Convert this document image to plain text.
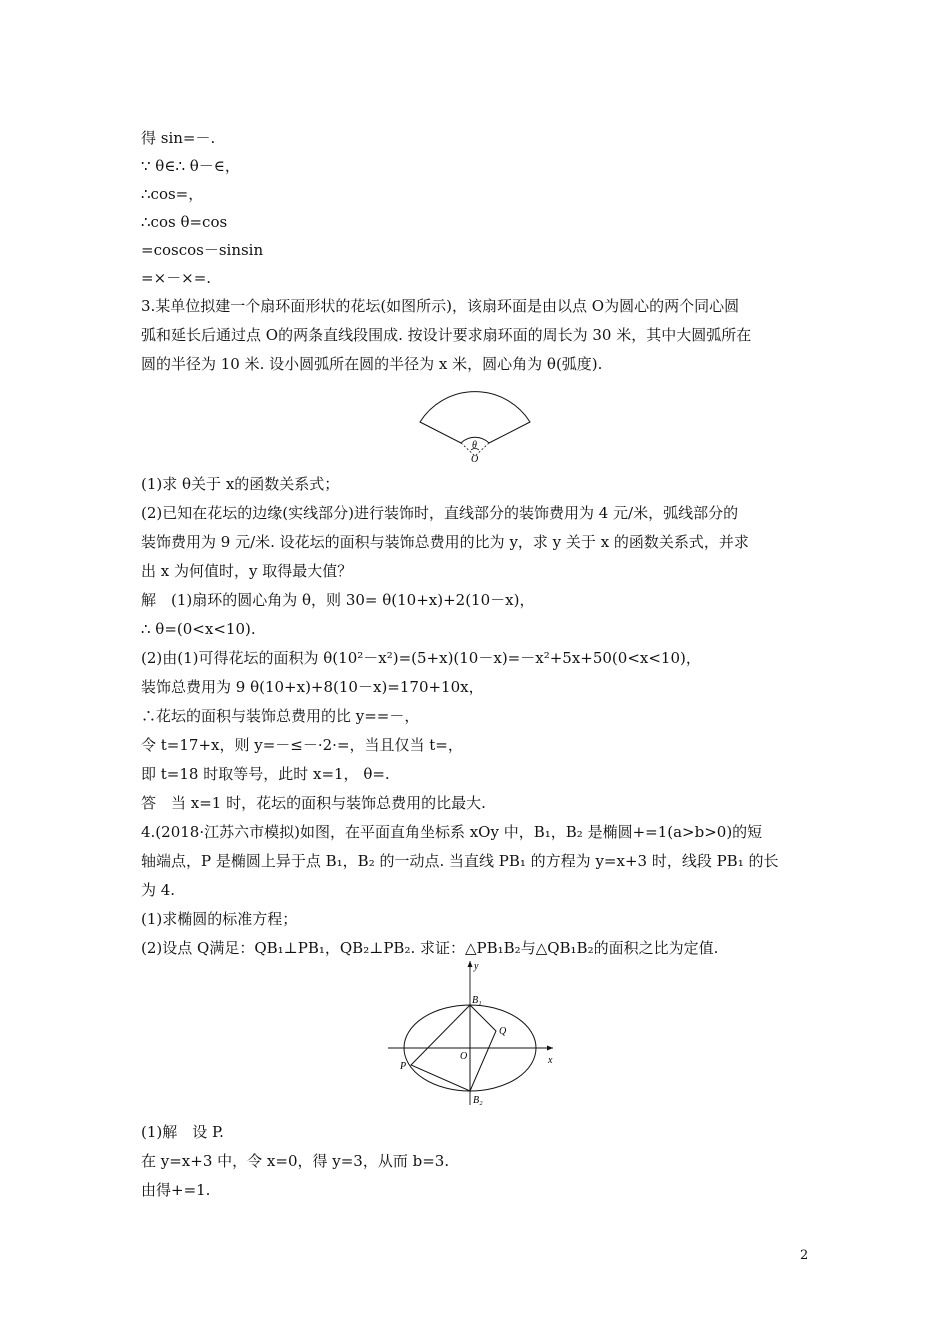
得 sin=－.
∵ θ∈∴ θ－∈，
∴cos=，
∴cos θ=cos
=coscos－sinsin
=×－×=.
3.某单位拟建一个扇环面形状的花坛(如图所示)，该扇环面是由以点 O为圆心的两个同心圆
弧和延长后通过点 O的两条直线段围成. 按设计要求扇环面的周长为 30 米，其中大圆弧所在
圆的半径为 10 米. 设小圆弧所在圆的半径为 x 米，圆心角为 θ(弧度).
θ
O
(1)求 θ关于 x的函数关系式；
(2)已知在花坛的边缘(实线部分)进行装饰时，直线部分的装饰费用为 4 元/米，弧线部分的
装饰费用为 9 元/米. 设花坛的面积与装饰总费用的比为 y，求 y 关于 x 的函数关系式，并求
出 x 为何值时，y 取得最大值？
解　(1)扇环的圆心角为 θ，则 30= θ(10+x)+2(10－x)，
∴ θ=(0<x<10).
(2)由(1)可得花坛的面积为 θ(10²－x²)=(5+x)(10－x)=－x²+5x+50(0<x<10)，
装饰总费用为 9 θ(10+x)+8(10－x)=170+10x，
∴花坛的面积与装饰总费用的比 y==－，
令 t=17+x，则 y=－≤－·2·=，当且仅当 t=，
即 t=18 时取等号，此时 x=1， θ=.
答　当 x=1 时，花坛的面积与装饰总费用的比最大.
4.(2018·江苏六市模拟)如图，在平面直角坐标系 xOy 中，B₁，B₂ 是椭圆+=1(a>b>0)的短
轴端点，P 是椭圆上异于点 B₁，B₂ 的一动点. 当直线 PB₁ 的方程为 y=x+3 时，线段 PB₁ 的长
为 4.
(1)求椭圆的标准方程；
(2)设点 Q满足：QB₁⊥PB₁，QB₂⊥PB₂. 求证：△PB₁B₂与△QB₁B₂的面积之比为定值.
y
x
B₁
B₂
Q
O
P
(1)解　设 P.
在 y=x+3 中，令 x=0，得 y=3，从而 b=3.
由得+=1.
2
